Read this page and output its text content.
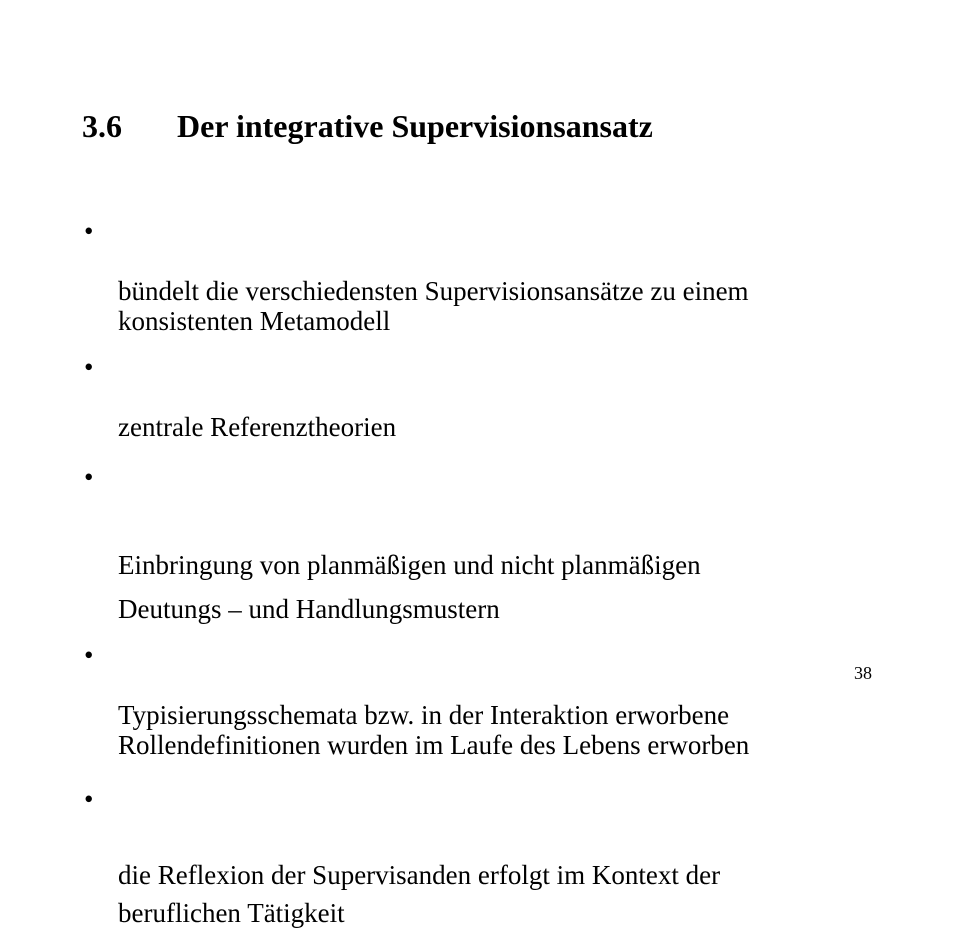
3.6 Der integrative Supervisionsansatz

•

bündelt die verschiedensten Supervisionsansätze zu einem
konsistenten Metamodell

•

zentrale Referenztheorien

•

Einbringung von planmäßigen und nicht planmäßigen
Deutungs – und Handlungsmustern

•

Typisierungsschemata bzw. in der Interaktion erworbene
Rollendefinitionen wurden im Laufe des Lebens erworben

•

die Reflexion der Supervisanden erfolgt im Kontext der
beruflichen Tätigkeit

38
